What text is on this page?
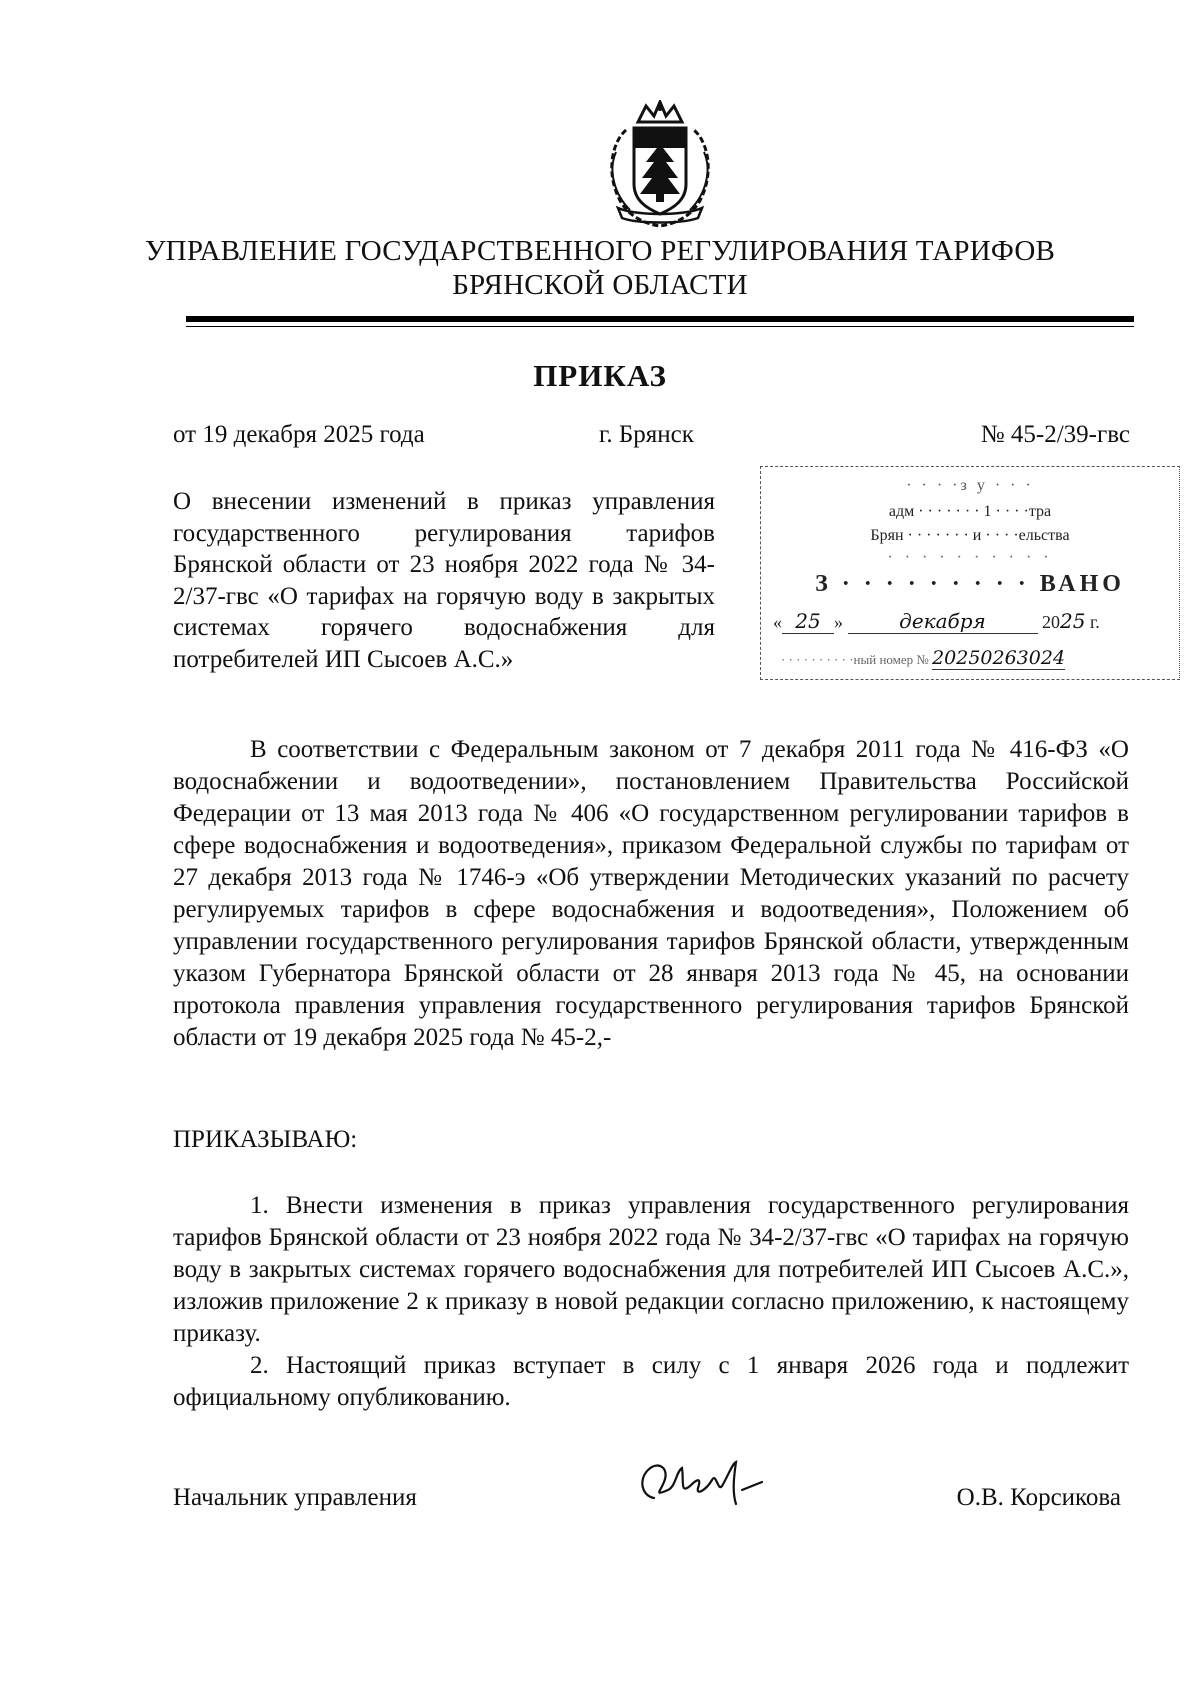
УПРАВЛЕНИЕ ГОСУДАРСТВЕННОГО РЕГУЛИРОВАНИЯ ТАРИФОВ
БРЯНСКОЙ ОБЛАСТИ
ПРИКАЗ
от 19 декабря 2025 года	г. Брянск	№ 45-2/39-гвс

О внесении изменений в приказ управления государственного регулирования тарифов Брянской области от 23 ноября 2022 года № 34-2/37-гвс «О тарифах на горячую воду в закрытых системах горячего водоснабжения для потребителей ИП Сысоев А.С.»

· · · ·з у · · ·
адм · · · · · · · 1 · · · ·тра
Брян · · · · · · · и · · · ·ельства
· · · · · · · · · ·
З · · · · · · · · · ВАНО
« 25 »	декабря	2025 г.
· · · · · · · · · ·ный номер № 20250263024

В соответствии с Федеральным законом от 7 декабря 2011 года № 416-ФЗ «О водоснабжении и водоотведении», постановлением Правительства Российской Федерации от 13 мая 2013 года № 406 «О государственном регулировании тарифов в сфере водоснабжения и водоотведения», приказом Федеральной службы по тарифам от 27 декабря 2013 года № 1746-э «Об утверждении Методических указаний по расчету регулируемых тарифов в сфере водоснабжения и водоотведения», Положением об управлении государственного регулирования тарифов Брянской области, утвержденным указом Губернатора Брянской области от 28 января 2013 года № 45, на основании протокола правления управления государственного регулирования тарифов Брянской области от 19 декабря 2025 года № 45-2,-

ПРИКАЗЫВАЮ:

1. Внести изменения в приказ управления государственного регулирования тарифов Брянской области от 23 ноября 2022 года № 34-2/37-гвс «О тарифах на горячую воду в закрытых системах горячего водоснабжения для потребителей ИП Сысоев А.С.», изложив приложение 2 к приказу в новой редакции согласно приложению, к настоящему приказу.

2. Настоящий приказ вступает в силу с 1 января 2026 года и подлежит официальному опубликованию.

Начальник управления	О.В. Корсикова
